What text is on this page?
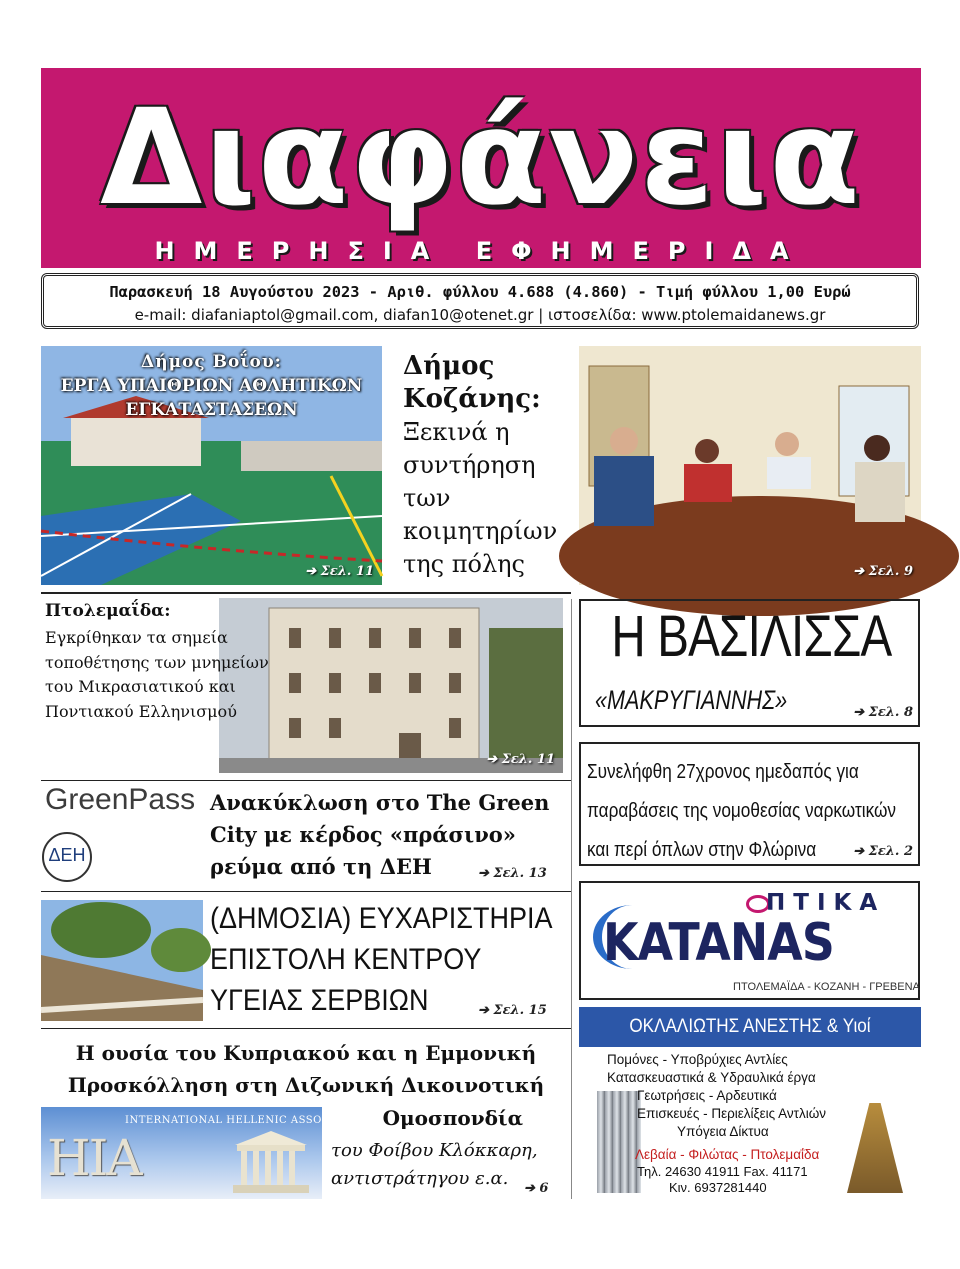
Διαφάνεια
ΗΜΕΡΗΣΙΑ ΕΦΗΜΕΡΙΔΑ
Παρασκευή 18 Αυγούστου 2023 - Αριθ. φύλλου 4.688 (4.860) - Τιμή φύλλου 1,00 Ευρώ
e-mail: diafaniaptol@gmail.com, diafan10@otenet.gr | ιστοσελίδα: www.ptolemaidanews.gr
Δήμος Βοΐου:
ΕΡΓΑ ΥΠΑΙΘΡΙΩΝ ΑΘΛΗΤΙΚΩΝ
ΕΓΚΑΤΑΣΤΑΣΕΩΝ
➔ Σελ. 11
Δήμος Κοζάνης:
Ξεκινά η συντήρηση των κοιμητηρίων της πόλης	➔ Σελ. 9
➔ Σελ. 11
Πτολεμαΐδα:
Εγκρίθηκαν τα σημεία τοποθέτησης των μνημείων του Μικρασιατικού και Ποντιακού Ελληνισμού
Η ΒΑΣΙΛΙΣΣΑ
«ΜΑΚΡΥΓΙΑΝΝΗΣ»	➔ Σελ. 8
Συνελήφθη 27χρονος ημεδαπός για
παραβάσεις της νομοθεσίας ναρκωτικών
και περί όπλων στην Φλώρινα	➔ Σελ. 2
GreenPass
ΔΕΗ
Ανακύκλωση στο The Green
City με κέρδος «πράσινο»
ρεύμα από τη ΔΕΗ	➔ Σελ. 13
(ΔΗΜΟΣΙΑ) ΕΥΧΑΡΙΣΤΗΡΙΑ
ΕΠΙΣΤΟΛΗ ΚΕΝΤΡΟΥ
ΥΓΕΙΑΣ ΣΕΡΒΙΩΝ	➔ Σελ. 15
ΠΤΙΚΑ
KATANAS
ΠΤΟΛΕΜΑΪΔΑ - ΚΟΖΑΝΗ - ΓΡΕΒΕΝΑ
ΟΚΛΑΛΙΩΤΗΣ ΑΝΕΣΤΗΣ & Υιοί
Πομόνες - Υποβρύχιες Αντλίες
Κατασκευαστικά & Υδραυλικά έργα
Γεωτρήσεις - Αρδευτικά
Επισκευές - Περιελίξεις Αντλιών
Υπόγεια Δίκτυα
Λεβαία - Φιλώτας - Πτολεμαΐδα
Τηλ. 24630 41911 Fax. 41171
Κιν. 6937281440
Η ουσία του Κυπριακού και η Εμμονική
Προσκόλληση στη Διζωνική Δικοινοτική
Ομοσπονδία
HIA
INTERNATIONAL HELLENIC ASSOCIATION
του Φοίβου Κλόκκαρη,
αντιστράτηγου ε.α. ➔ 6
